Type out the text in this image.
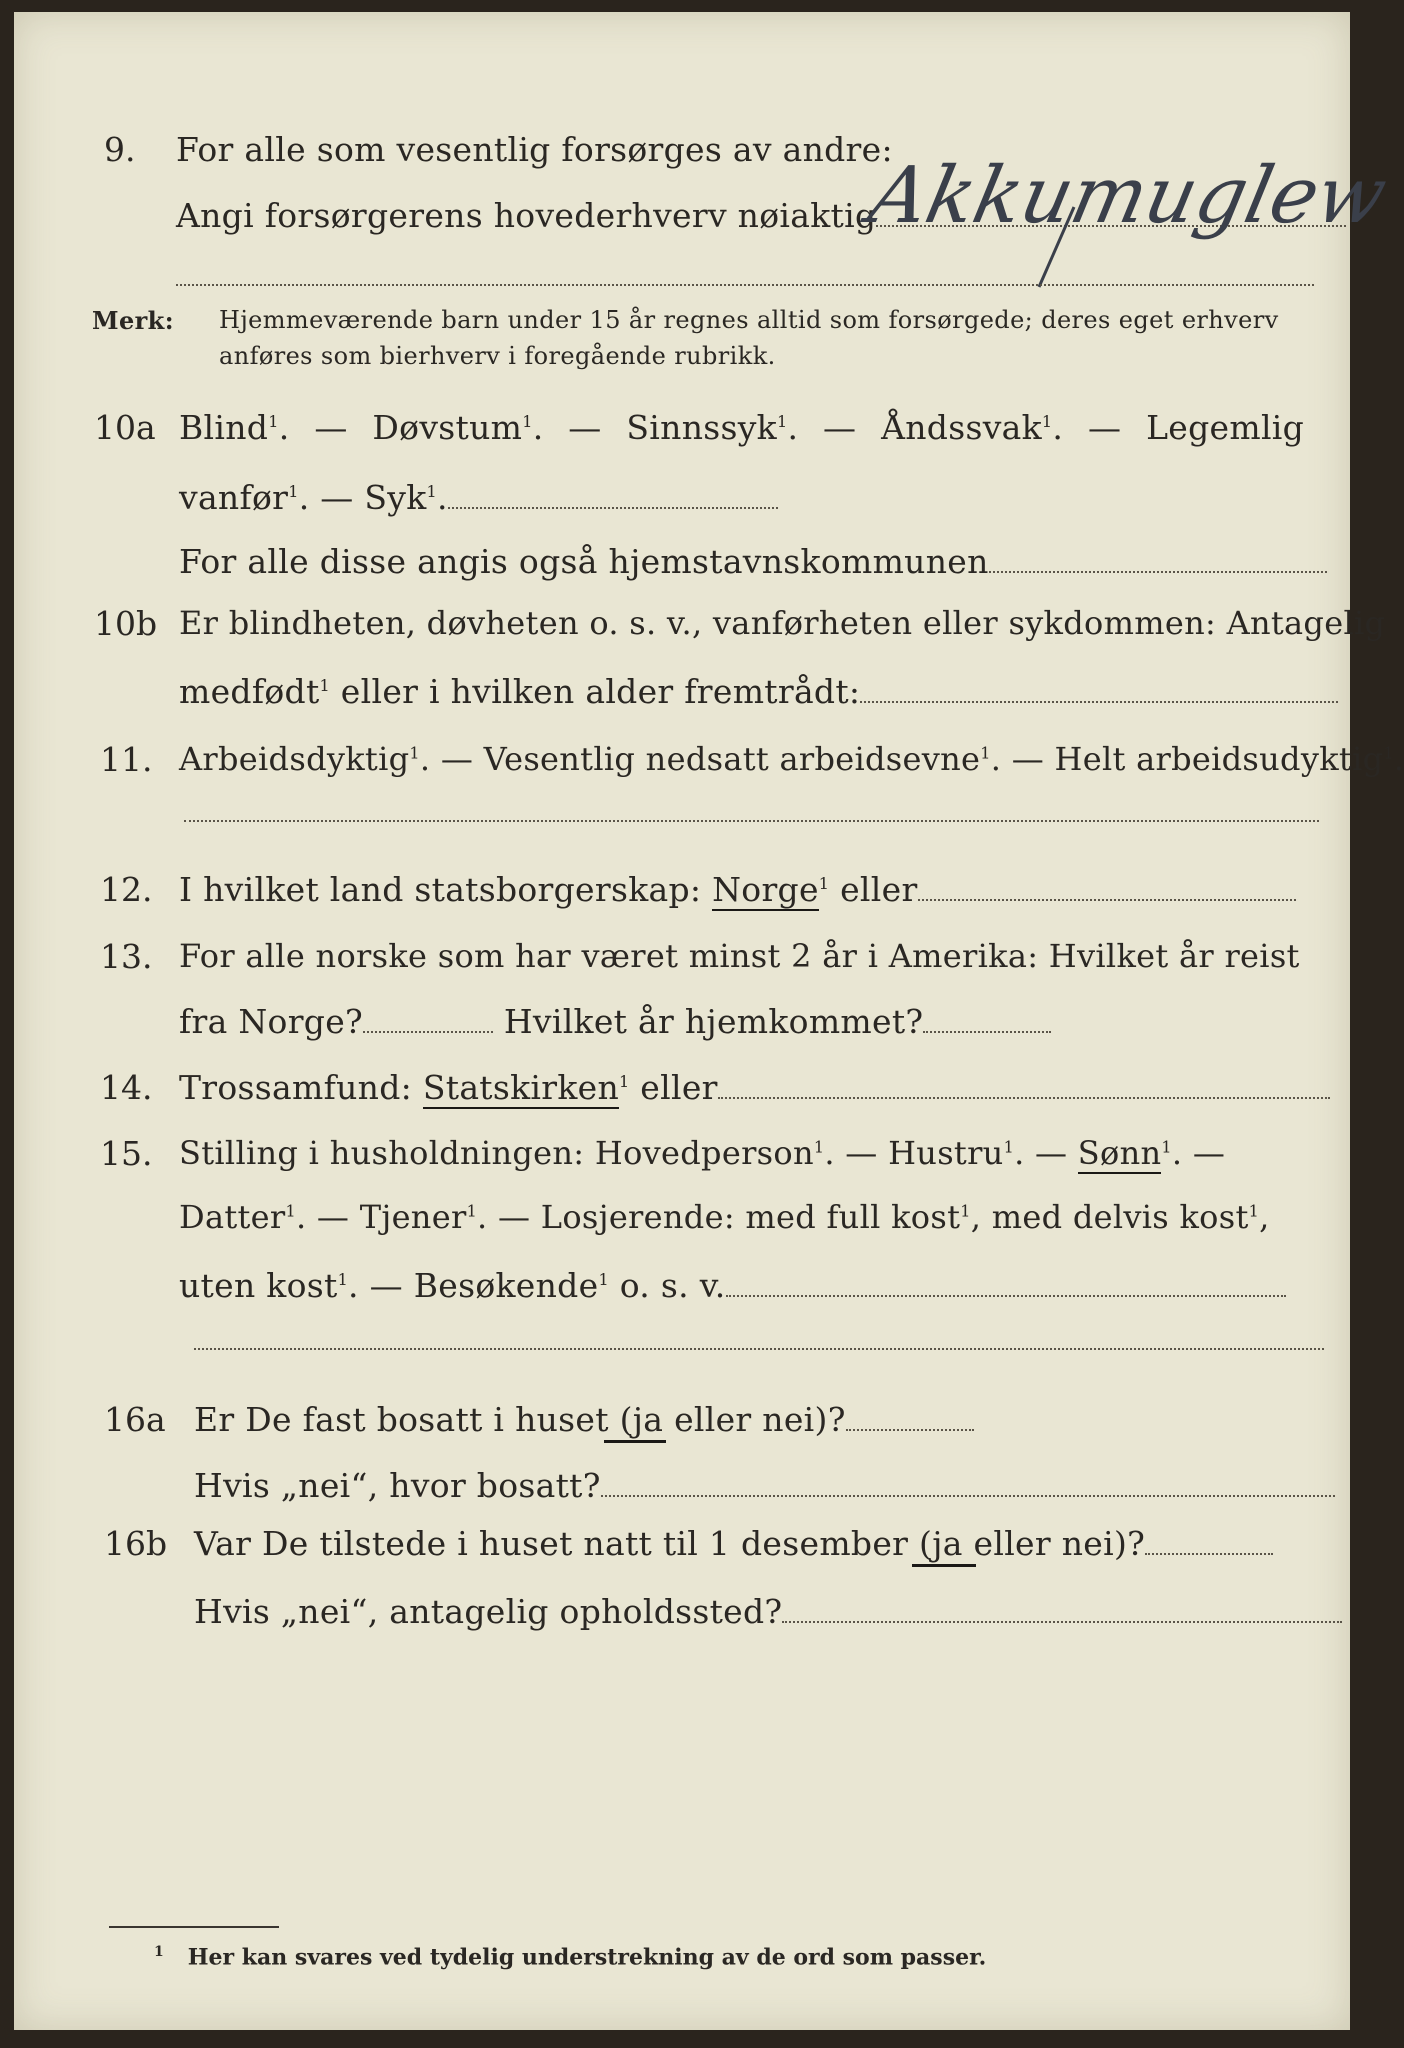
9. For alle som vesentlig forsørges av andre:
Angi forsørgerens hovederhverv nøiaktig
Akkumuglew
Merk: Hjemmeværende barn under 15 år regnes alltid som forsørgede; deres eget erhverv
anføres som bierhverv i foregående rubrikk.
10a Blind$^1$. — Døvstum$^1$. — Sinnssyk$^1$. — Åndssvak$^1$. — Legemlig
vanfør$^1$. — Syk$^1$.
For alle disse angis også hjemstavnskommunen
10b Er blindheten, døvheten o. s. v., vanførheten eller sykdommen: Antagelig
medfødt$^1$ eller i hvilken alder fremtrådt:
11. Arbeidsdyktig$^1$. — Vesentlig nedsatt arbeidsevne$^1$. — Helt arbeidsudyktig$^1$.
12. I hvilket land statsborgerskap: Norge$^1$ eller
13. For alle norske som har været minst 2 år i Amerika: Hvilket år reist
fra Norge?	Hvilket år hjemkommet?
14. Trossamfund: Statskirken$^1$ eller
15. Stilling i husholdningen: Hovedperson$^1$. — Hustru$^1$. — Sønn$^1$. —
Datter$^1$. — Tjener$^1$. — Losjerende: med full kost$^1$, med delvis kost$^1$,
uten kost$^1$. — Besøkende$^1$ o. s. v.
16a Er De fast bosatt i huset (ja eller nei)?
Hvis „nei“, hvor bosatt?
16b Var De tilstede i huset natt til 1 desember (ja eller nei)?
Hvis „nei“, antagelig opholdssted?
$^1$ Her kan svares ved tydelig understrekning av de ord som passer.
